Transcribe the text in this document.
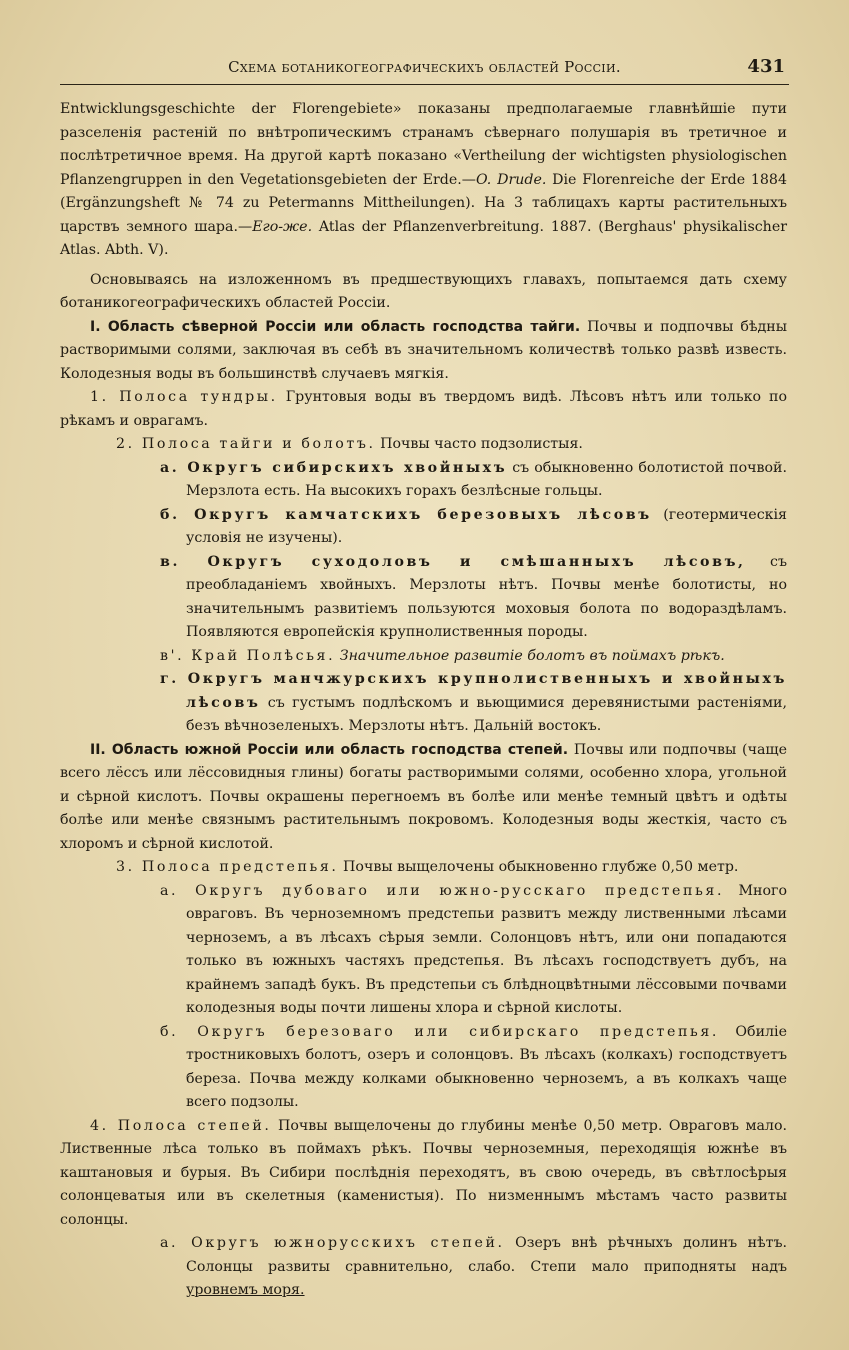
Схема ботаникогеографическихъ областей Россіи.	431

Entwicklungsgeschichte der Florengebiete» показаны предполагаемые главнѣйшіе пути разселенія растеній по внѣтропическимъ странамъ сѣвернаго полушарія въ третичное и послѣтретичное время. На другой картѣ показано «Vertheilung der wichtigsten physiologischen Pflanzengruppen in den Vegetationsgebieten der Erde.—O. Drude. Die Florenreiche der Erde 1884 (Ergänzungsheft № 74 zu Petermanns Mittheilungen). На 3 таблицахъ карты растительныхъ царствъ земного шара.—Его-же. Atlas der Pflanzenverbreitung. 1887. (Berghaus' physikalischer Atlas. Abth. V).

Основываясь на изложенномъ въ предшествующихъ главахъ, попытаемся дать схему ботаникогеографическихъ областей Россіи.

I. Область сѣверной Россіи или область господства тайги. Почвы и подпочвы бѣдны растворимыми солями, заключая въ себѣ въ значительномъ количествѣ только развѣ известь. Колодезныя воды въ большинствѣ случаевъ мягкія.

1. Полоса тундры. Грунтовыя воды въ твердомъ видѣ. Лѣсовъ нѣтъ или только по рѣкамъ и оврагамъ.

2. Полоса тайги и болотъ. Почвы часто подзолистыя.

а. Округъ сибирскихъ хвойныхъ съ обыкновенно болотистой почвой. Мерзлота есть. На высокихъ горахъ безлѣсные гольцы.

б. Округъ камчатскихъ березовыхъ лѣсовъ (геотермическія условія не изучены).

в. Округъ суходоловъ и смѣшанныхъ лѣсовъ, съ преобладаніемъ хвойныхъ. Мерзлоты нѣтъ. Почвы менѣе болотисты, но значительнымъ развитіемъ пользуются моховыя болота по водораздѣламъ. Появляются европейскія крупнолиственныя породы.

в'. Край Полѣсья. Значительное развитіе болотъ въ поймахъ рѣкъ.

г. Округъ манчжурскихъ крупнолиственныхъ и хвойныхъ лѣсовъ съ густымъ подлѣскомъ и вьющимися деревянистыми растеніями, безъ вѣчнозеленыхъ. Мерзлоты нѣтъ. Дальній востокъ.

II. Область южной Россіи или область господства степей. Почвы или подпочвы (чаще всего лёссъ или лёссовидныя глины) богаты растворимыми солями, особенно хлора, угольной и сѣрной кислотъ. Почвы окрашены перегноемъ въ болѣе или менѣе темный цвѣтъ и одѣты болѣе или менѣе связнымъ растительнымъ покровомъ. Колодезныя воды жесткія, часто съ хлоромъ и сѣрной кислотой.

3. Полоса предстепья. Почвы выщелочены обыкновенно глубже 0,50 метр.

а. Округъ дубоваго или южно-русскаго предстепья. Много овраговъ. Въ черноземномъ предстепьи развитъ между лиственными лѣсами черноземъ, а въ лѣсахъ сѣрыя земли. Солонцовъ нѣтъ, или они попадаются только въ южныхъ частяхъ предстепья. Въ лѣсахъ господствуетъ дубъ, на крайнемъ западѣ букъ. Въ предстепьи съ блѣдноцвѣтными лёссовыми почвами колодезныя воды почти лишены хлора и сѣрной кислоты.

б. Округъ березоваго или сибирскаго предстепья. Обиліе тростниковыхъ болотъ, озеръ и солонцовъ. Въ лѣсахъ (колкахъ) господствуетъ береза. Почва между колками обыкновенно черноземъ, а въ колкахъ чаще всего подзолы.

4. Полоса степей. Почвы выщелочены до глубины менѣе 0,50 метр. Овраговъ мало. Лиственные лѣса только въ поймахъ рѣкъ. Почвы черноземныя, переходящія южнѣе въ каштановыя и бурыя. Въ Сибири послѣднія переходятъ, въ свою очередь, въ свѣтлосѣрыя солонцеватыя или въ скелетныя (каменистыя). По низменнымъ мѣстамъ часто развиты солонцы.

а. Округъ южнорусскихъ степей. Озеръ внѣ рѣчныхъ долинъ нѣтъ. Солонцы развиты сравнительно, слабо. Степи мало приподняты надъ уровнемъ моря.
